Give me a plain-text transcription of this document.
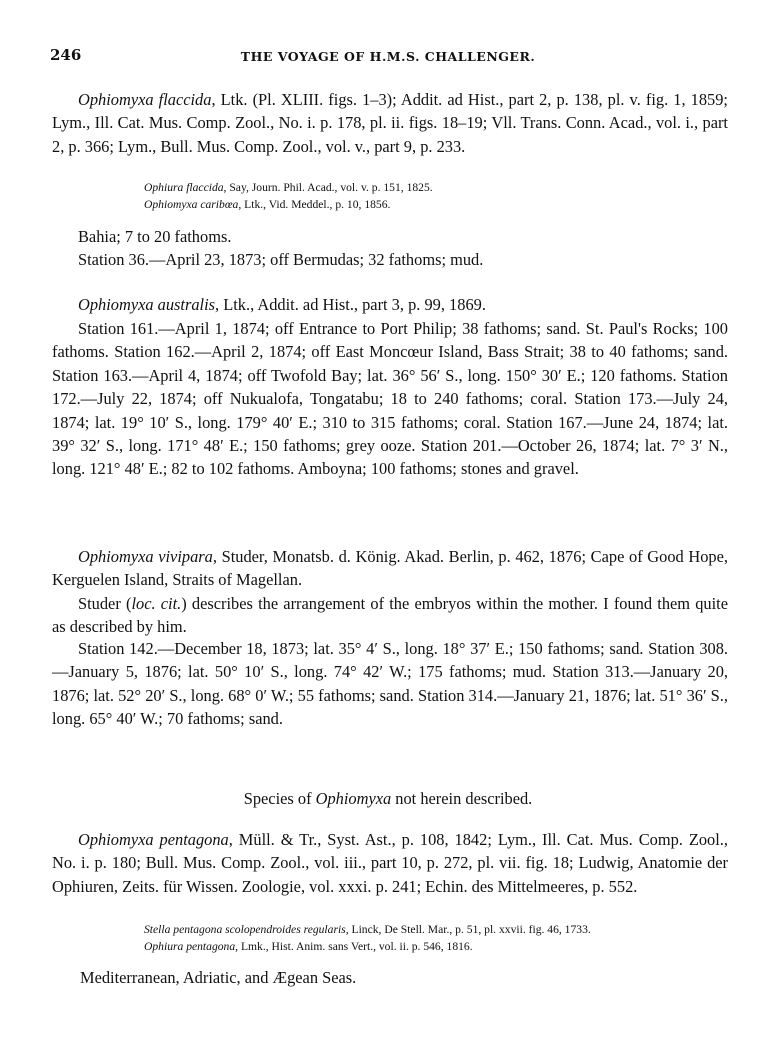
246	THE VOYAGE OF H.M.S. CHALLENGER.
Ophiomyxa flaccida, Ltk. (Pl. XLIII. figs. 1–3); Addit. ad Hist., part 2, p. 138, pl. v. fig. 1, 1859; Lym., Ill. Cat. Mus. Comp. Zool., No. i. p. 178, pl. ii. figs. 18–19; Vll. Trans. Conn. Acad., vol. i., part 2, p. 366; Lym., Bull. Mus. Comp. Zool., vol. v., part 9, p. 233.
Ophiura flaccida, Say, Journ. Phil. Acad., vol. v. p. 151, 1825.
Ophiomyxa caribœa, Ltk., Vid. Meddel., p. 10, 1856.
Bahia; 7 to 20 fathoms.
Station 36.—April 23, 1873; off Bermudas; 32 fathoms; mud.
Ophiomyxa australis, Ltk., Addit. ad Hist., part 3, p. 99, 1869.
Station 161.—April 1, 1874; off Entrance to Port Philip; 38 fathoms; sand. St. Paul's Rocks; 100 fathoms. Station 162.—April 2, 1874; off East Moncœur Island, Bass Strait; 38 to 40 fathoms; sand. Station 163.—April 4, 1874; off Twofold Bay; lat. 36° 56′ S., long. 150° 30′ E.; 120 fathoms. Station 172.—July 22, 1874; off Nukualofa, Tongatabu; 18 to 240 fathoms; coral. Station 173.—July 24, 1874; lat. 19° 10′ S., long. 179° 40′ E.; 310 to 315 fathoms; coral. Station 167.—June 24, 1874; lat. 39° 32′ S., long. 171° 48′ E.; 150 fathoms; grey ooze. Station 201.—October 26, 1874; lat. 7° 3′ N., long. 121° 48′ E.; 82 to 102 fathoms. Amboyna; 100 fathoms; stones and gravel.
Ophiomyxa vivipara, Studer, Monatsb. d. König. Akad. Berlin, p. 462, 1876; Cape of Good Hope, Kerguelen Island, Straits of Magellan.
Studer (loc. cit.) describes the arrangement of the embryos within the mother. I found them quite as described by him.
Station 142.—December 18, 1873; lat. 35° 4′ S., long. 18° 37′ E.; 150 fathoms; sand. Station 308.—January 5, 1876; lat. 50° 10′ S., long. 74° 42′ W.; 175 fathoms; mud. Station 313.—January 20, 1876; lat. 52° 20′ S., long. 68° 0′ W.; 55 fathoms; sand. Station 314.—January 21, 1876; lat. 51° 36′ S., long. 65° 40′ W.; 70 fathoms; sand.
Species of Ophiomyxa not herein described.
Ophiomyxa pentagona, Müll. & Tr., Syst. Ast., p. 108, 1842; Lym., Ill. Cat. Mus. Comp. Zool., No. i. p. 180; Bull. Mus. Comp. Zool., vol. iii., part 10, p. 272, pl. vii. fig. 18; Ludwig, Anatomie der Ophiuren, Zeits. für Wissen. Zoologie, vol. xxxi. p. 241; Echin. des Mittelmeeres, p. 552.
Stella pentagona scolopendroides regularis, Linck, De Stell. Mar., p. 51, pl. xxvii. fig. 46, 1733.
Ophiura pentagona, Lmk., Hist. Anim. sans Vert., vol. ii. p. 546, 1816.
Mediterranean, Adriatic, and Ægean Seas.
